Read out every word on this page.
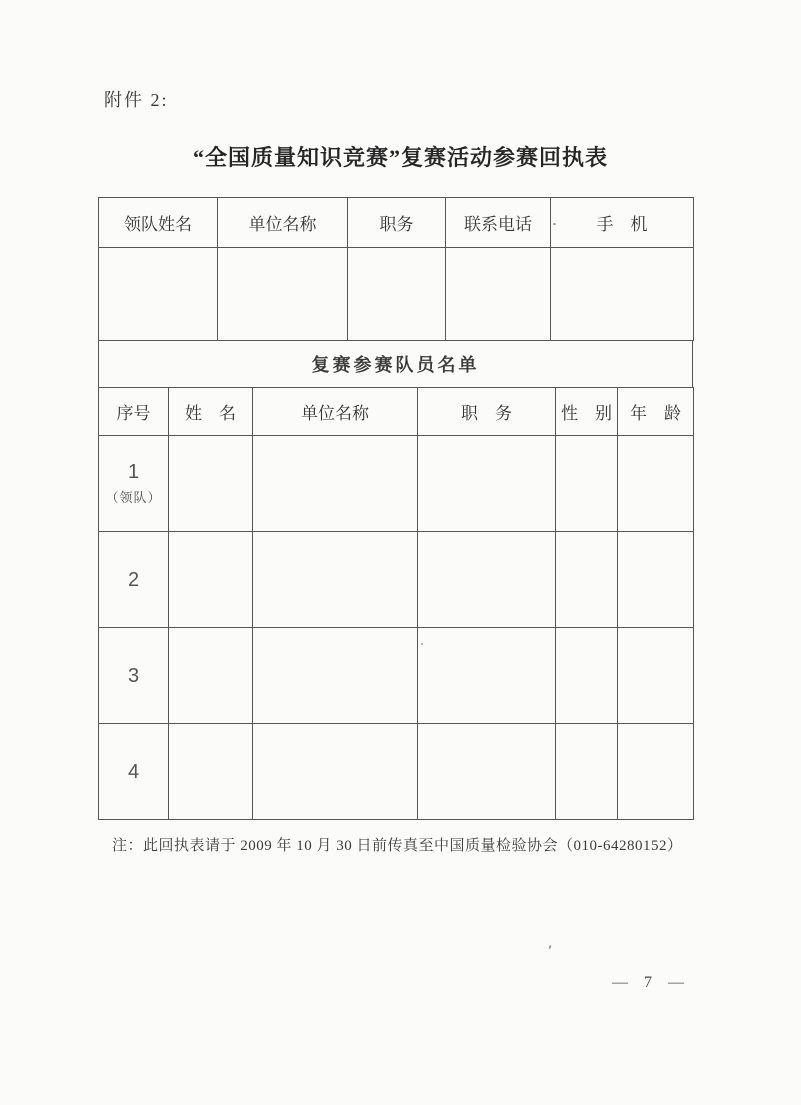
附件 2:
“全国质量知识竞赛”复赛活动参赛回执表
领队姓名	单位名称	职务	联系电话	手　机

复赛参赛队员名单
序号	姓　名	单位名称	职　务	性　别	年　龄

1
（领队）					

2					

3					

4					

注：此回执表请于 2009 年 10 月 30 日前传真至中国质量检验协会（010-64280152）
— 7 —
